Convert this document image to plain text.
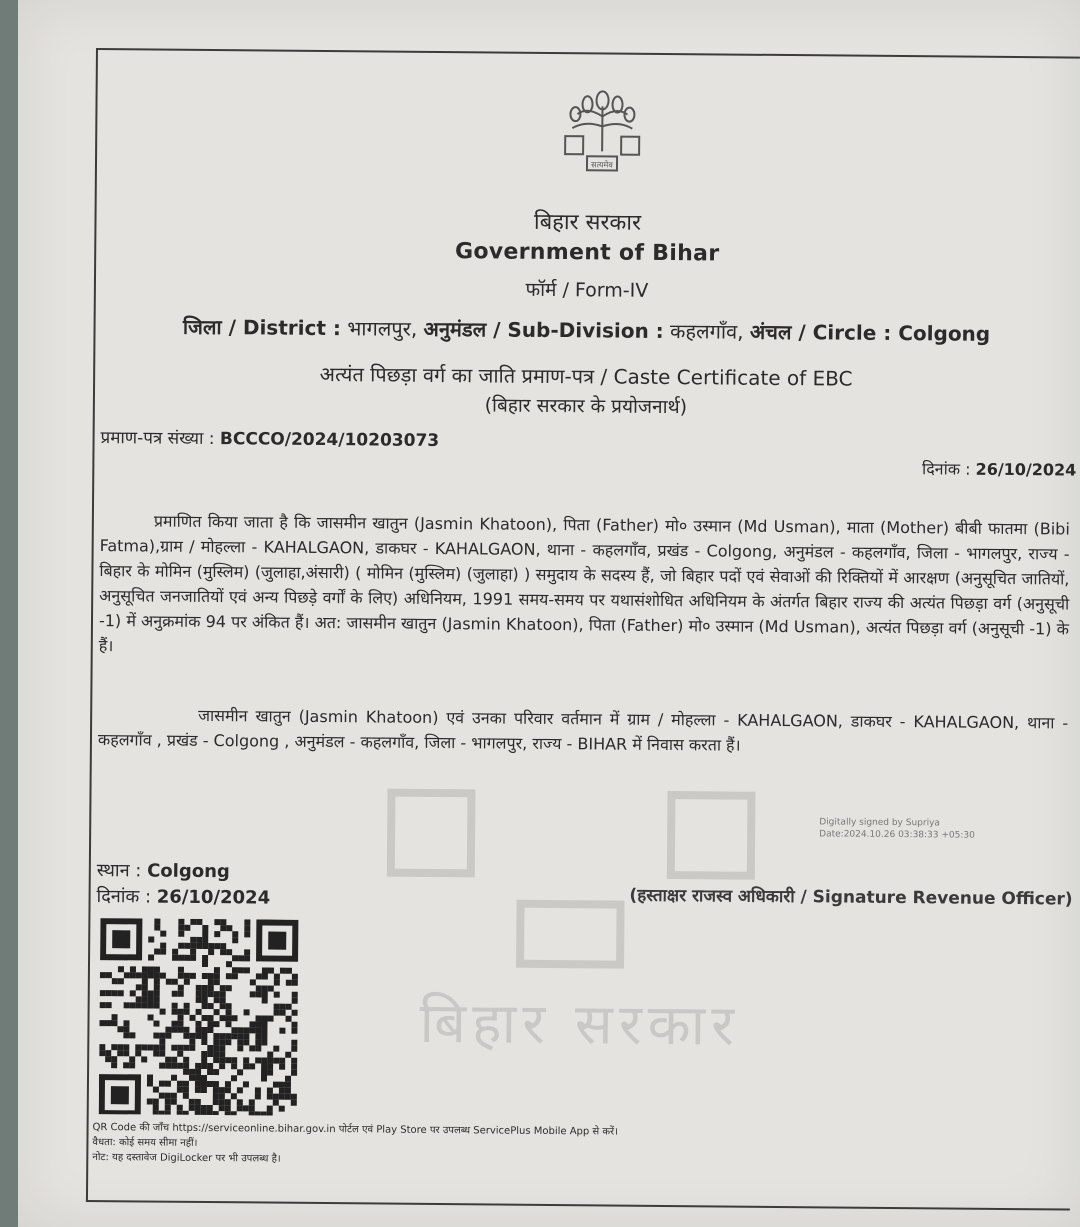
सत्यमेव
बिहार सरकार
Government of Bihar
फॉर्म / Form-IV
जिला / District : भागलपुर, अनुमंडल / Sub-Division : कहलगाँव, अंचल / Circle : Colgong
अत्यंत पिछड़ा वर्ग का जाति प्रमाण-पत्र / Caste Certificate of EBC
(बिहार सरकार के प्रयोजनार्थ)
प्रमाण-पत्र संख्या : BCCCO/2024/10203073
दिनांक : 26/10/2024

प्रमाणित किया जाता है कि जासमीन खातुन (Jasmin Khatoon), पिता (Father) मो० उस्मान (Md Usman), माता (Mother) बीबी फातमा (Bibi Fatma),ग्राम / मोहल्ला - KAHALGAON, डाकघर - KAHALGAON, थाना - कहलगाँव, प्रखंड - Colgong, अनुमंडल - कहलगाँव, जिला - भागलपुर, राज्य - बिहार के मोमिन (मुस्लिम) (जुलाहा,अंसारी) ( मोमिन (मुस्लिम) (जुलाहा) ) समुदाय के सदस्य हैं, जो बिहार पदों एवं सेवाओं की रिक्तियों में आरक्षण (अनुसूचित जातियों, अनुसूचित जनजातियों एवं अन्य पिछड़े वर्गों के लिए) अधिनियम, 1991 समय-समय पर यथासंशोधित अधिनियम के अंतर्गत बिहार राज्य की अत्यंत पिछड़ा वर्ग (अनुसूची -1) में अनुक्रमांक 94 पर अंकित हैं। अत: जासमीन खातुन (Jasmin Khatoon), पिता (Father) मो० उस्मान (Md Usman), अत्यंत पिछड़ा वर्ग (अनुसूची -1) के हैं।

जासमीन खातुन (Jasmin Khatoon) एवं उनका परिवार वर्तमान में ग्राम / मोहल्ला - KAHALGAON, डाकघर - KAHALGAON, थाना - कहलगाँव , प्रखंड - Colgong , अनुमंडल - कहलगाँव, जिला - भागलपुर, राज्य - BIHAR में निवास करता हैं।

Digitally signed by Supriya
Date:2024.10.26 03:38:33 +05:30
बिहार सरकार
स्थान : Colgong
दिनांक : 26/10/2024	(हस्ताक्षर राजस्व अधिकारी / Signature Revenue Officer)
QR Code की जाँच https://serviceonline.bihar.gov.in पोर्टल एवं Play Store पर उपलब्ध ServicePlus Mobile App से करें।
वैधता: कोई समय सीमा नहीं।
नोट: यह दस्तावेज DigiLocker पर भी उपलब्ध है।
